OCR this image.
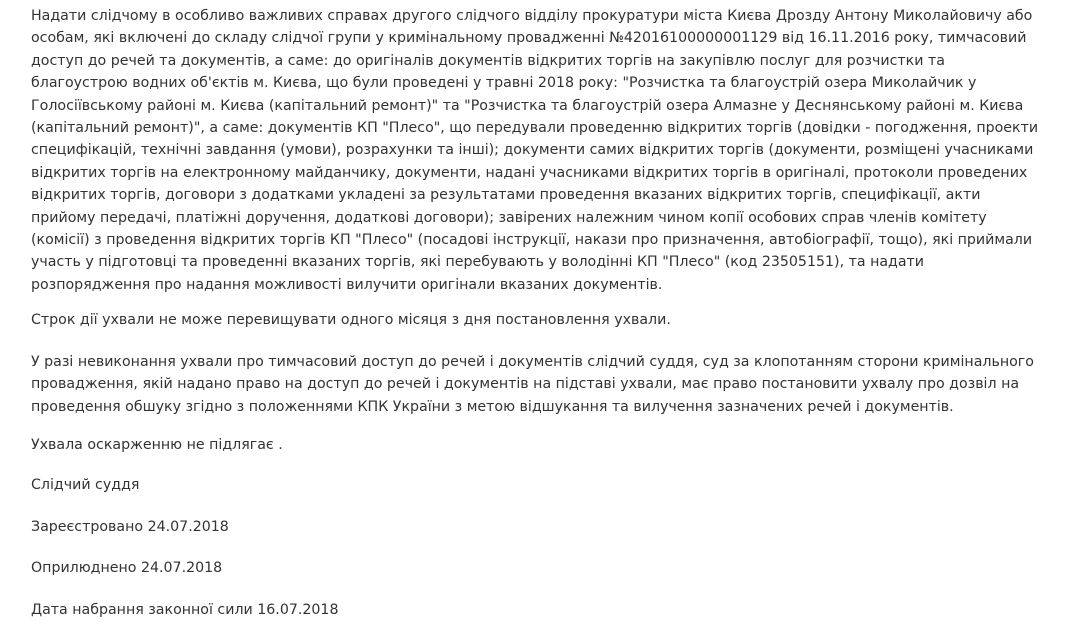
Надати слідчому в особливо важливих справах другого слідчого відділу прокуратури міста Києва Дрозду Антону Миколайовичу або особам, які включені до складу слідчої групи у кримінальному провадженні №42016100000001129 від 16.11.2016 року, тимчасовий доступ до речей та документів, а саме: до оригіналів документів відкритих торгів на закупівлю послуг для розчистки та благоустрою водних об'єктів м. Києва, що були проведені у травні 2018 року: "Розчистка та благоустрій озера Миколайчик у Голосіївському районі м. Києва (капітальний ремонт)" та "Розчистка та благоустрій озера Алмазне у Деснянському районі м. Києва (капітальний ремонт)", а саме: документів КП "Плесо", що передували проведенню відкритих торгів (довідки - погодження, проекти специфікацій, технічні завдання (умови), розрахунки та інші); документи самих відкритих торгів (документи, розміщені учасниками відкритих торгів на електронному майданчику, документи, надані учасниками відкритих торгів в оригіналі, протоколи проведених відкритих торгів, договори з додатками укладені за результатами проведення вказаних відкритих торгів, специфікації, акти прийому передачі, платіжні доручення, додаткові договори); завірених належним чином копії особових справ членів комітету (комісії) з проведення відкритих торгів КП "Плесо" (посадові інструкції, накази про призначення, автобіографії, тощо), які приймали участь у підготовці та проведенні вказаних торгів, які перебувають у володінні КП "Плесо" (код 23505151), та надати розпорядження про надання можливості вилучити оригінали вказаних документів.

Строк дії ухвали не може перевищувати одного місяця з дня постановлення ухвали.

У разі невиконання ухвали про тимчасовий доступ до речей і документів слідчий суддя, суд за клопотанням сторони кримінального провадження, якій надано право на доступ до речей і документів на підставі ухвали, має право постановити ухвалу про дозвіл на проведення обшуку згідно з положеннями КПК України з метою відшукання та вилучення зазначених речей і документів.

Ухвала оскарженню не підлягає .

Слідчий суддя

Зареєстровано 24.07.2018

Оприлюднено 24.07.2018

Дата набрання законної сили 16.07.2018
